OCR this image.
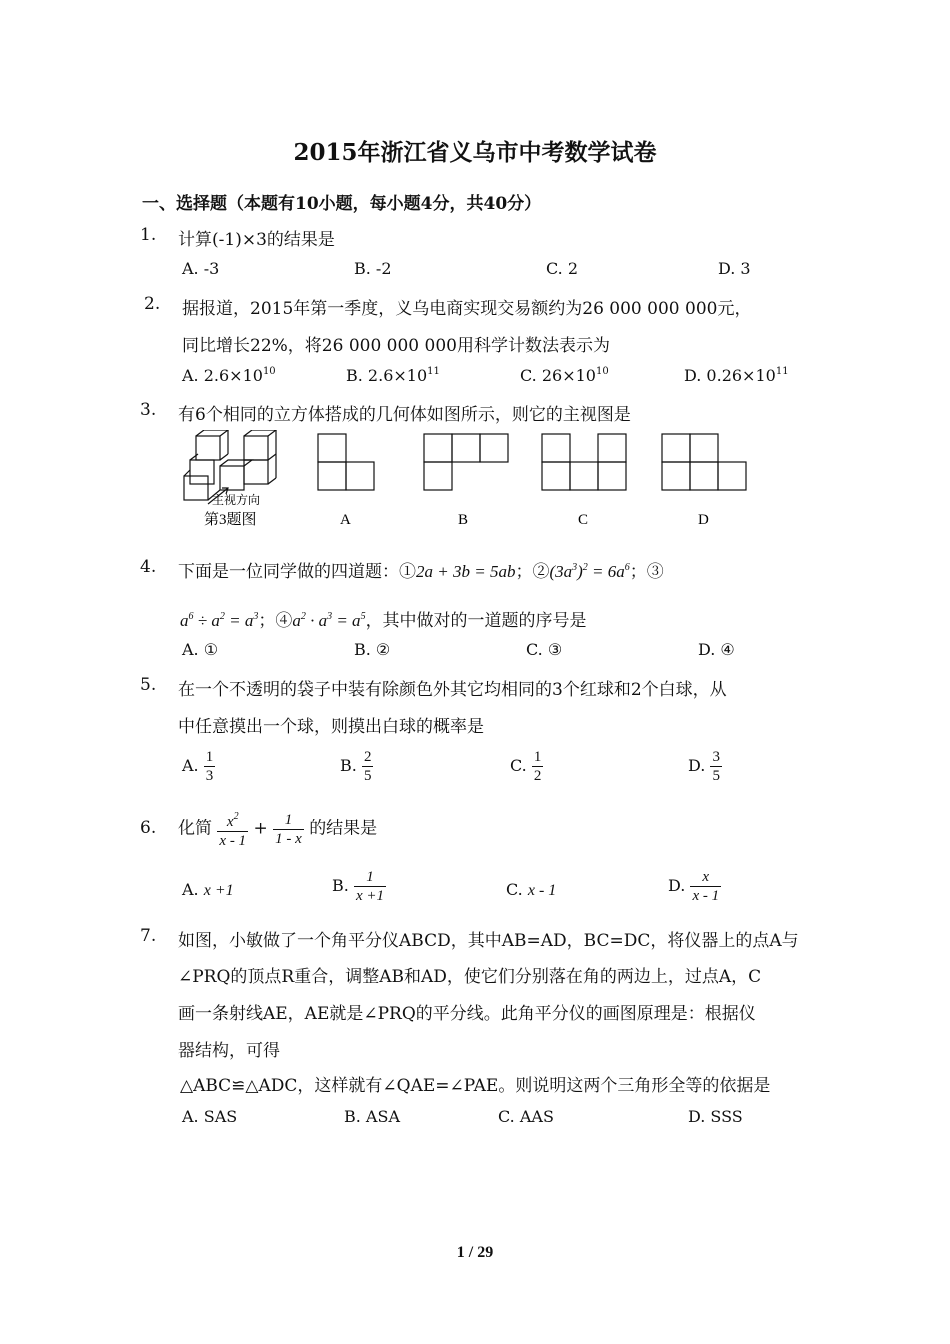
2015年浙江省义乌市中考数学试卷
一、选择题（本题有10小题，每小题4分，共40分）
1. 计算(-1)×3的结果是
A. -3	B. -2	C. 2	D. 3
2. 据报道，2015年第一季度，义乌电商实现交易额约为26 000 000 000元，
同比增长22%，将26 000 000 000用科学计数法表示为
A. $2.6\times 10^{10}$	B. $2.6\times 10^{11}$	C. $26\times 10^{10}$	D. $0.26\times 10^{11}$
3. 有6个相同的立方体搭成的几何体如图所示，则它的主视图是
主视方向
第3题图	A	B	C	D
4. 下面是一位同学做的四道题：①2a + 3b = 5ab；$②(3a^3)^2 = 6a^6$；③
$a^6 \div a^2 = a^3$；$④a^2 \cdot a^3 = a^5$，其中做对的一道题的序号是
A. ①	B. ②	C. ③	D. ④
5. 在一个不透明的袋子中装有除颜色外其它均相同的3个红球和2个白球，从
中任意摸出一个球，则摸出白球的概率是
A. $\frac{1}{3}$	B. $\frac{2}{5}$	C. $\frac{1}{2}$	D. $\frac{3}{5}$
6. 化简 $\frac{x^2}{x - 1} + \frac{1}{1 - x}$ 的结果是
A. x +1	B. $\frac{1}{x +1}$	C. x - 1	D. $\frac{x}{x - 1}$
7. 如图，小敏做了一个角平分仪ABCD，其中AB=AD，BC=DC，将仪器上的点A与
∠PRQ的顶点R重合，调整AB和AD，使它们分别落在角的两边上，过点A，C
画一条射线AE，AE就是∠PRQ的平分线。此角平分仪的画图原理是：根据仪
器结构，可得
△ABC≌△ADC，这样就有∠QAE=∠PAE。则说明这两个三角形全等的依据是
A. SAS	B. ASA	C. AAS	D. SSS
1 / 29
